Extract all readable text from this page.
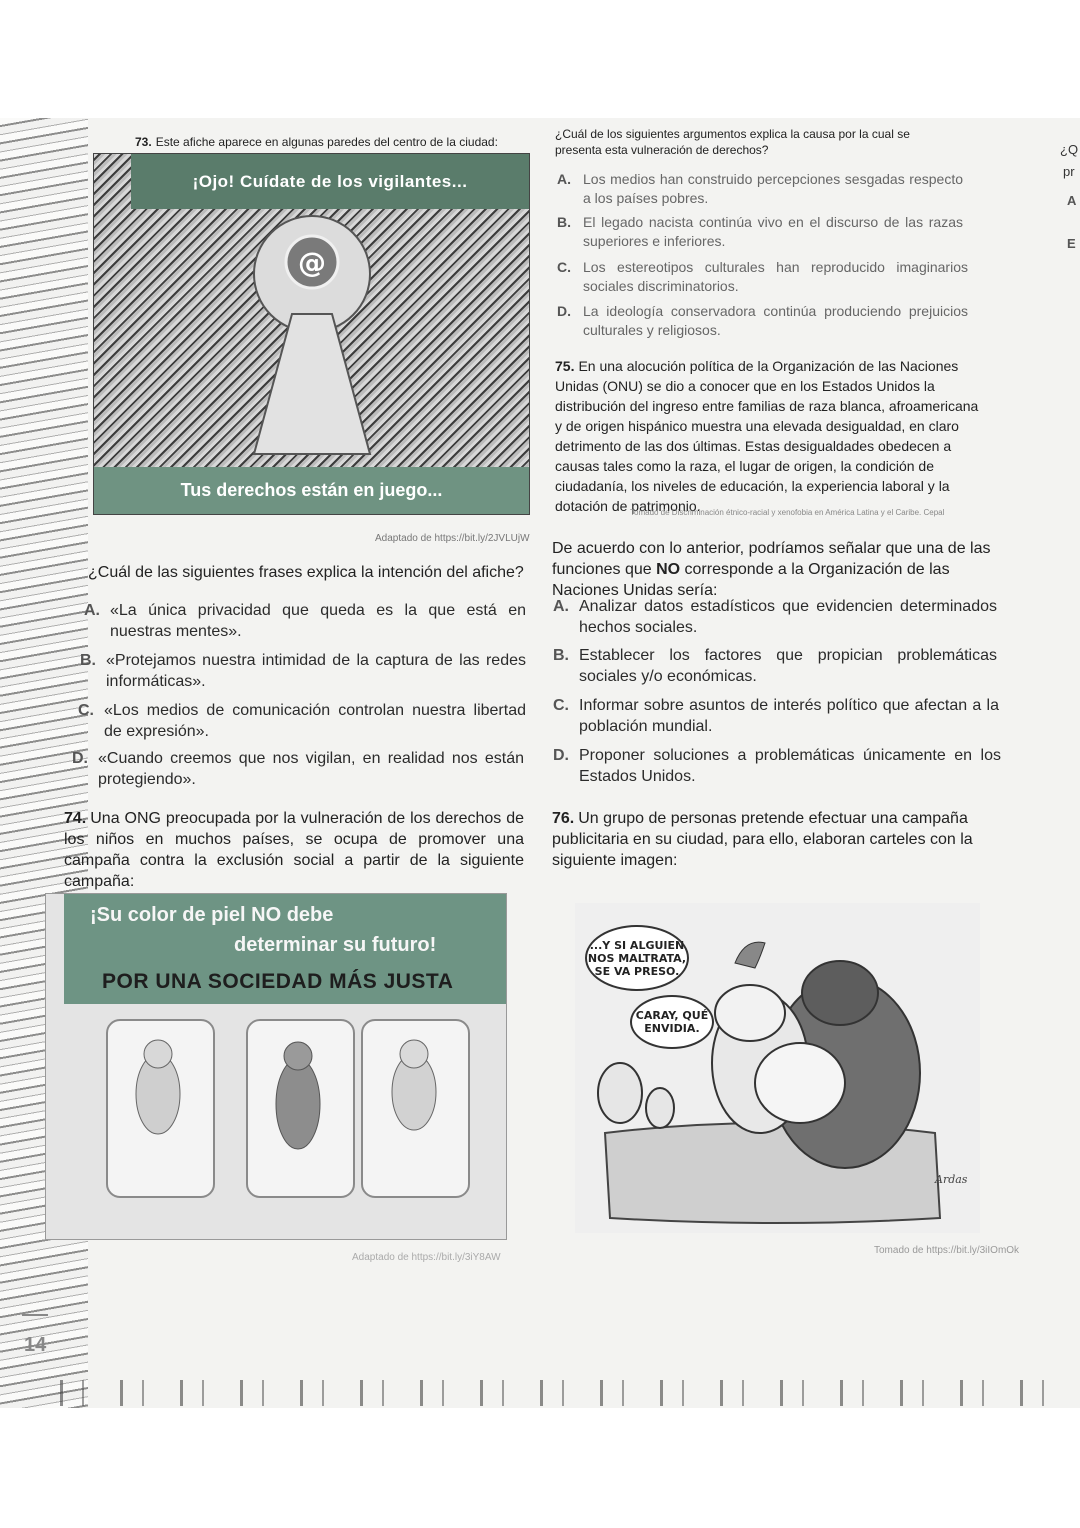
73. Este afiche aparece en algunas paredes del centro de la ciudad:
¡Ojo! Cuídate de los vigilantes...
@
Tus derechos están en juego...
Adaptado de https://bit.ly/2JVLUjW
¿Cuál de las siguientes frases explica la intención del afiche?
A. «La única privacidad que queda es la que está en nuestras mentes».
B. «Protejamos nuestra intimidad de la captura de las redes informáticas».
C. «Los medios de comunicación controlan nuestra libertad de expresión».
D. «Cuando creemos que nos vigilan, en realidad nos están protegiendo».
74. Una ONG preocupada por la vulneración de los derechos de los niños en muchos países, se ocupa de promover una campaña contra la exclusión social a partir de la siguiente campaña:
¡Su color de piel NO debe
determinar su futuro!
POR UNA SOCIEDAD MÁS JUSTA
Adaptado de https://bit.ly/3iY8AW
¿Cuál de los siguientes argumentos explica la causa por la cual se presenta esta vulneración de derechos?
A. Los medios han construido percepciones sesgadas respecto a los países pobres.
B. El legado nacista continúa vivo en el discurso de las razas superiores e inferiores.
C. Los estereotipos culturales han reproducido imaginarios sociales discriminatorios.
D. La ideología conservadora continúa produciendo prejuicios culturales y religiosos.
75. En una alocución política de la Organización de las Naciones Unidas (ONU) se dio a conocer que en los Estados Unidos la distribución del ingreso entre familias de raza blanca, afroamericana y de origen hispánico muestra una elevada desigualdad, en claro detrimento de las dos últimas. Estas desigualdades obedecen a causas tales como la raza, el lugar de origen, la condición de ciudadanía, los niveles de educación, la experiencia laboral y la dotación de patrimonio.
Tomado de Discriminación étnico-racial y xenofobia en América Latina y el Caribe. Cepal
De acuerdo con lo anterior, podríamos señalar que una de las funciones que NO corresponde a la Organización de las Naciones Unidas sería:
A. Analizar datos estadísticos que evidencien determinados hechos sociales.
B. Establecer los factores que propician problemáticas sociales y/o económicas.
C. Informar sobre asuntos de interés político que afectan a la población mundial.
D. Proponer soluciones a problemáticas únicamente en los Estados Unidos.
76. Un grupo de personas pretende efectuar una campaña publicitaria en su ciudad, para ello, elaboran carteles con la siguiente imagen:
...Y SI ALGUIEN NOS MALTRATA, SE VA PRESO.
CARAY, QUÉ ENVIDIA.
Ardas
Tomado de https://bit.ly/3iIOmOk
14
¿Q
pr
A
E
